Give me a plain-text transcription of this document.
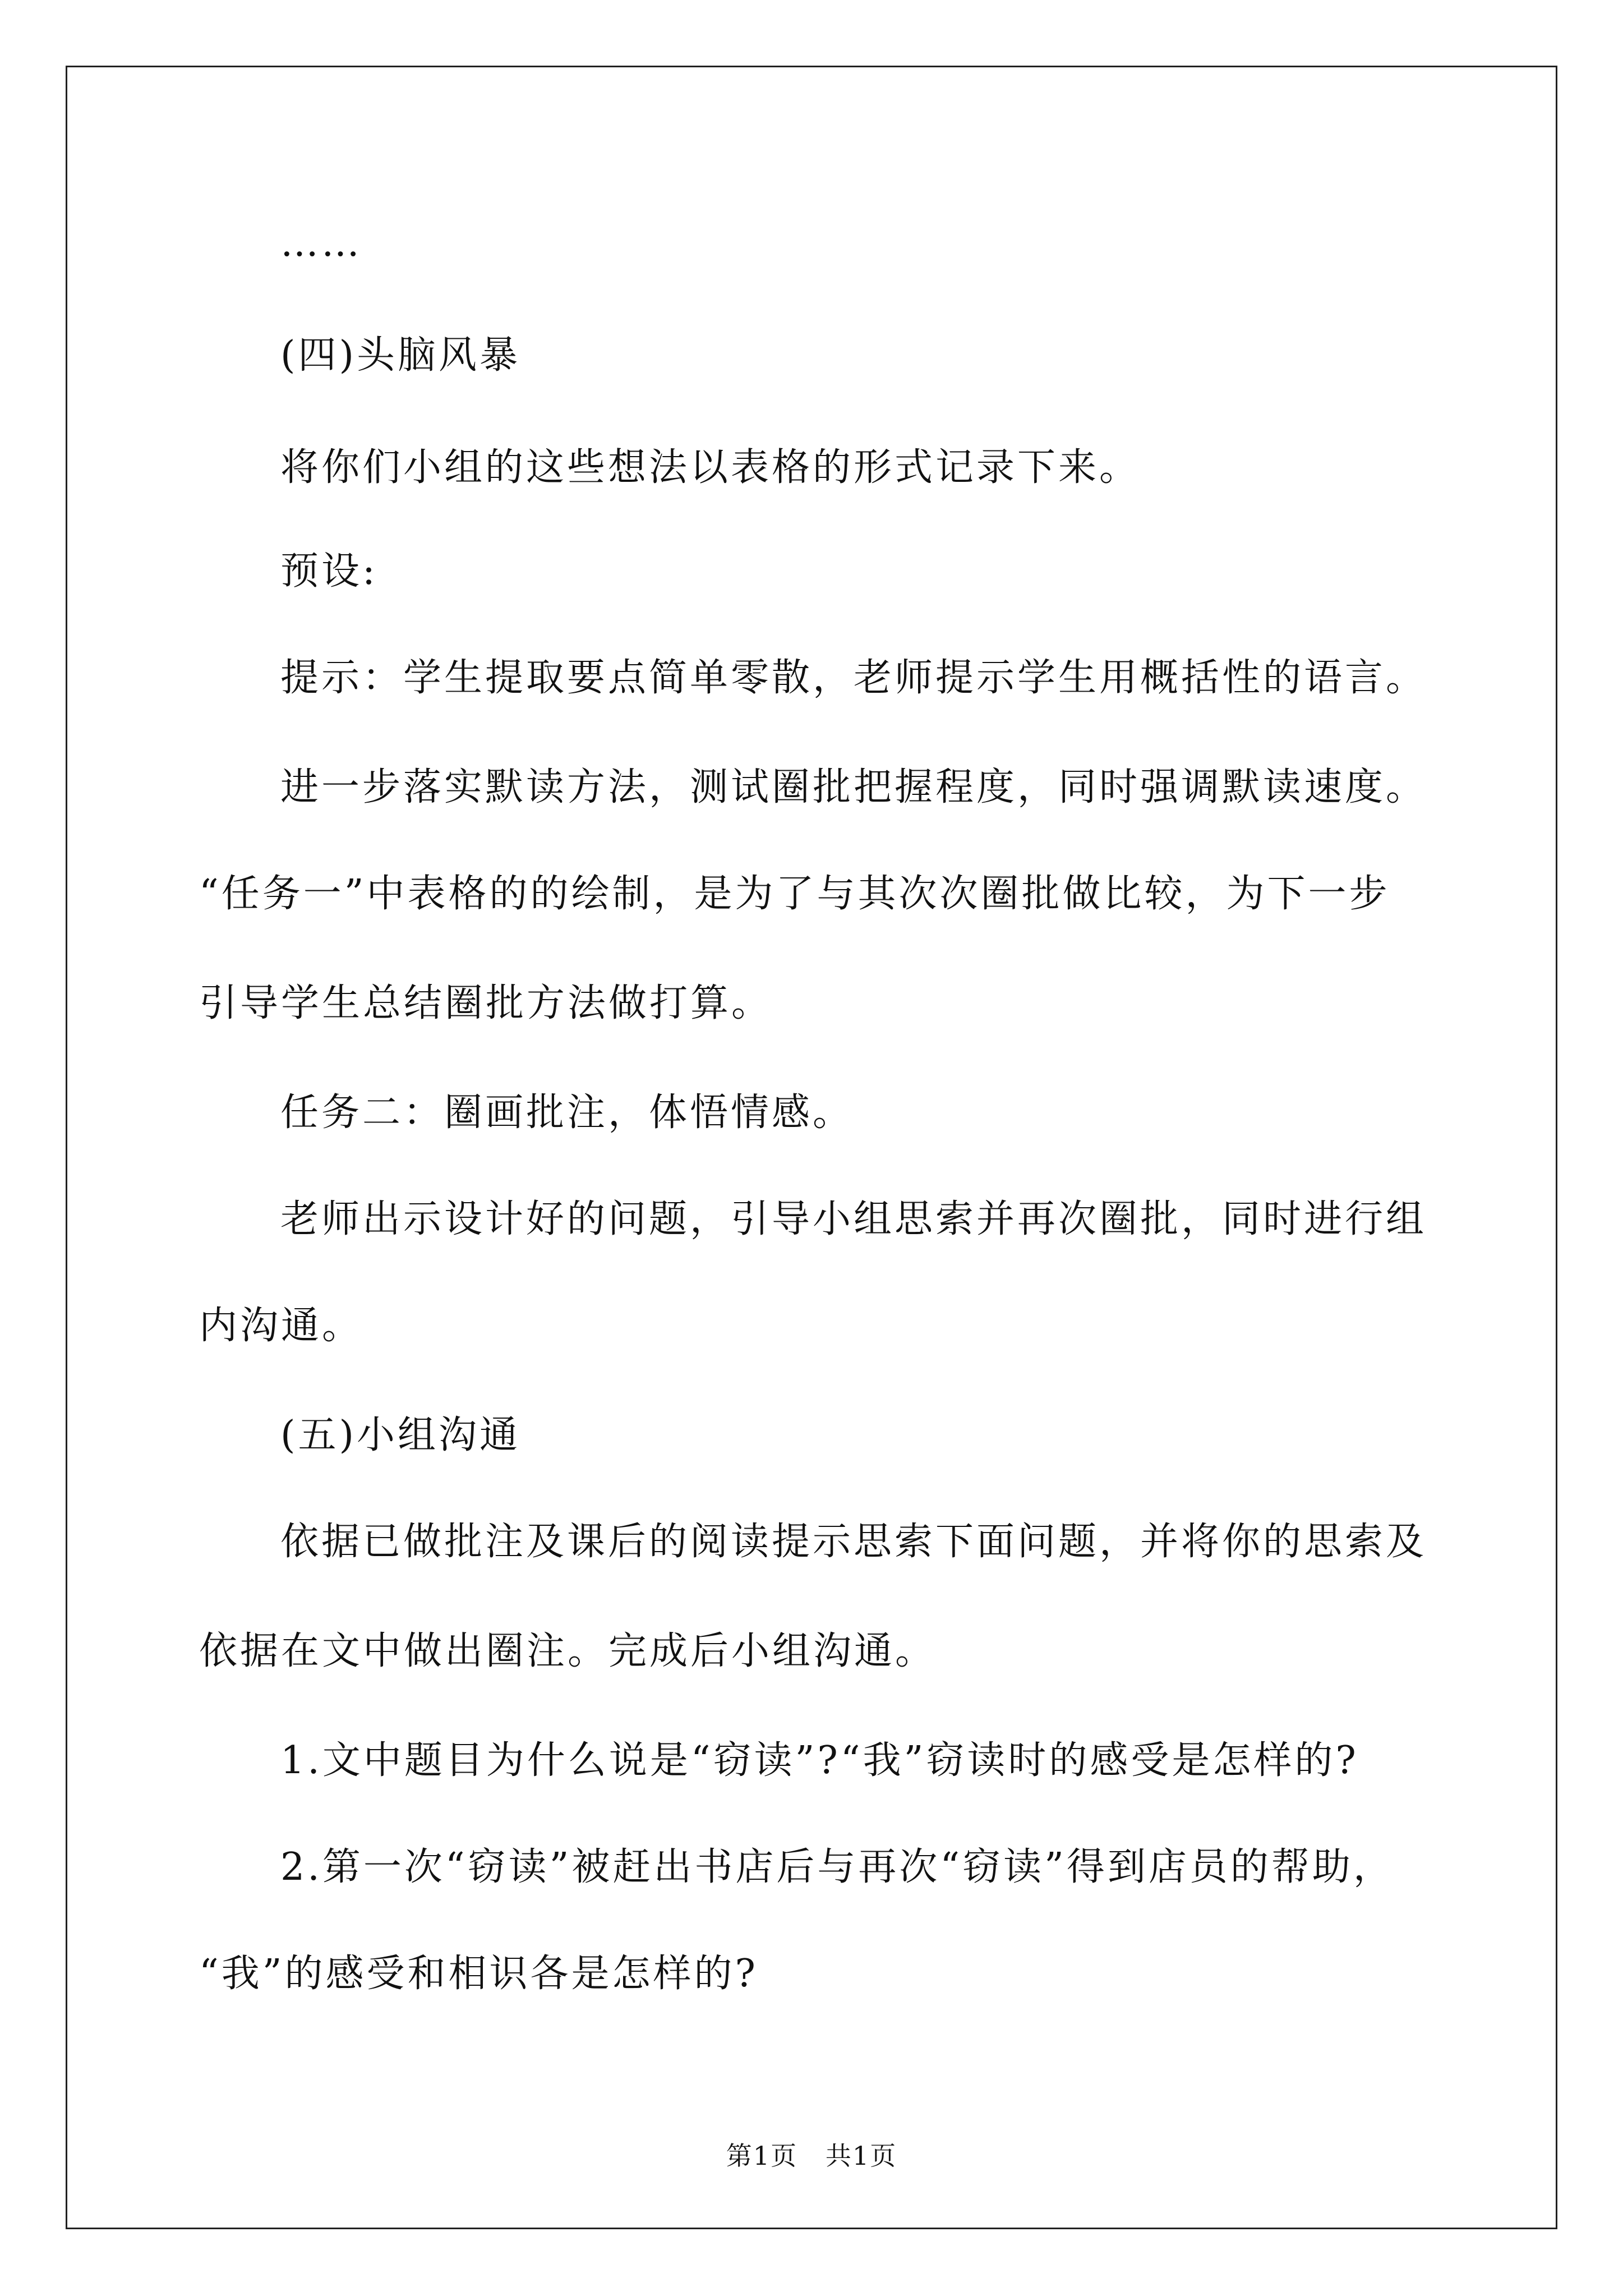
……
(四)头脑风暴
将你们小组的这些想法以表格的形式记录下来。
预设:
提示：学生提取要点简单零散，老师提示学生用概括性的语言。
进一步落实默读方法，测试圈批把握程度，同时强调默读速度。
“任务一”中表格的的绘制，是为了与其次次圈批做比较，为下一步
引导学生总结圈批方法做打算。
任务二：圈画批注，体悟情感。
老师出示设计好的问题，引导小组思索并再次圈批，同时进行组
内沟通。
(五)小组沟通
依据已做批注及课后的阅读提示思索下面问题，并将你的思索及
依据在文中做出圈注。完成后小组沟通。
1.文中题目为什么说是“窃读”?“我”窃读时的感受是怎样的?
2.第一次“窃读”被赶出书店后与再次“窃读”得到店员的帮助，
“我”的感受和相识各是怎样的?
第1页   共1页
